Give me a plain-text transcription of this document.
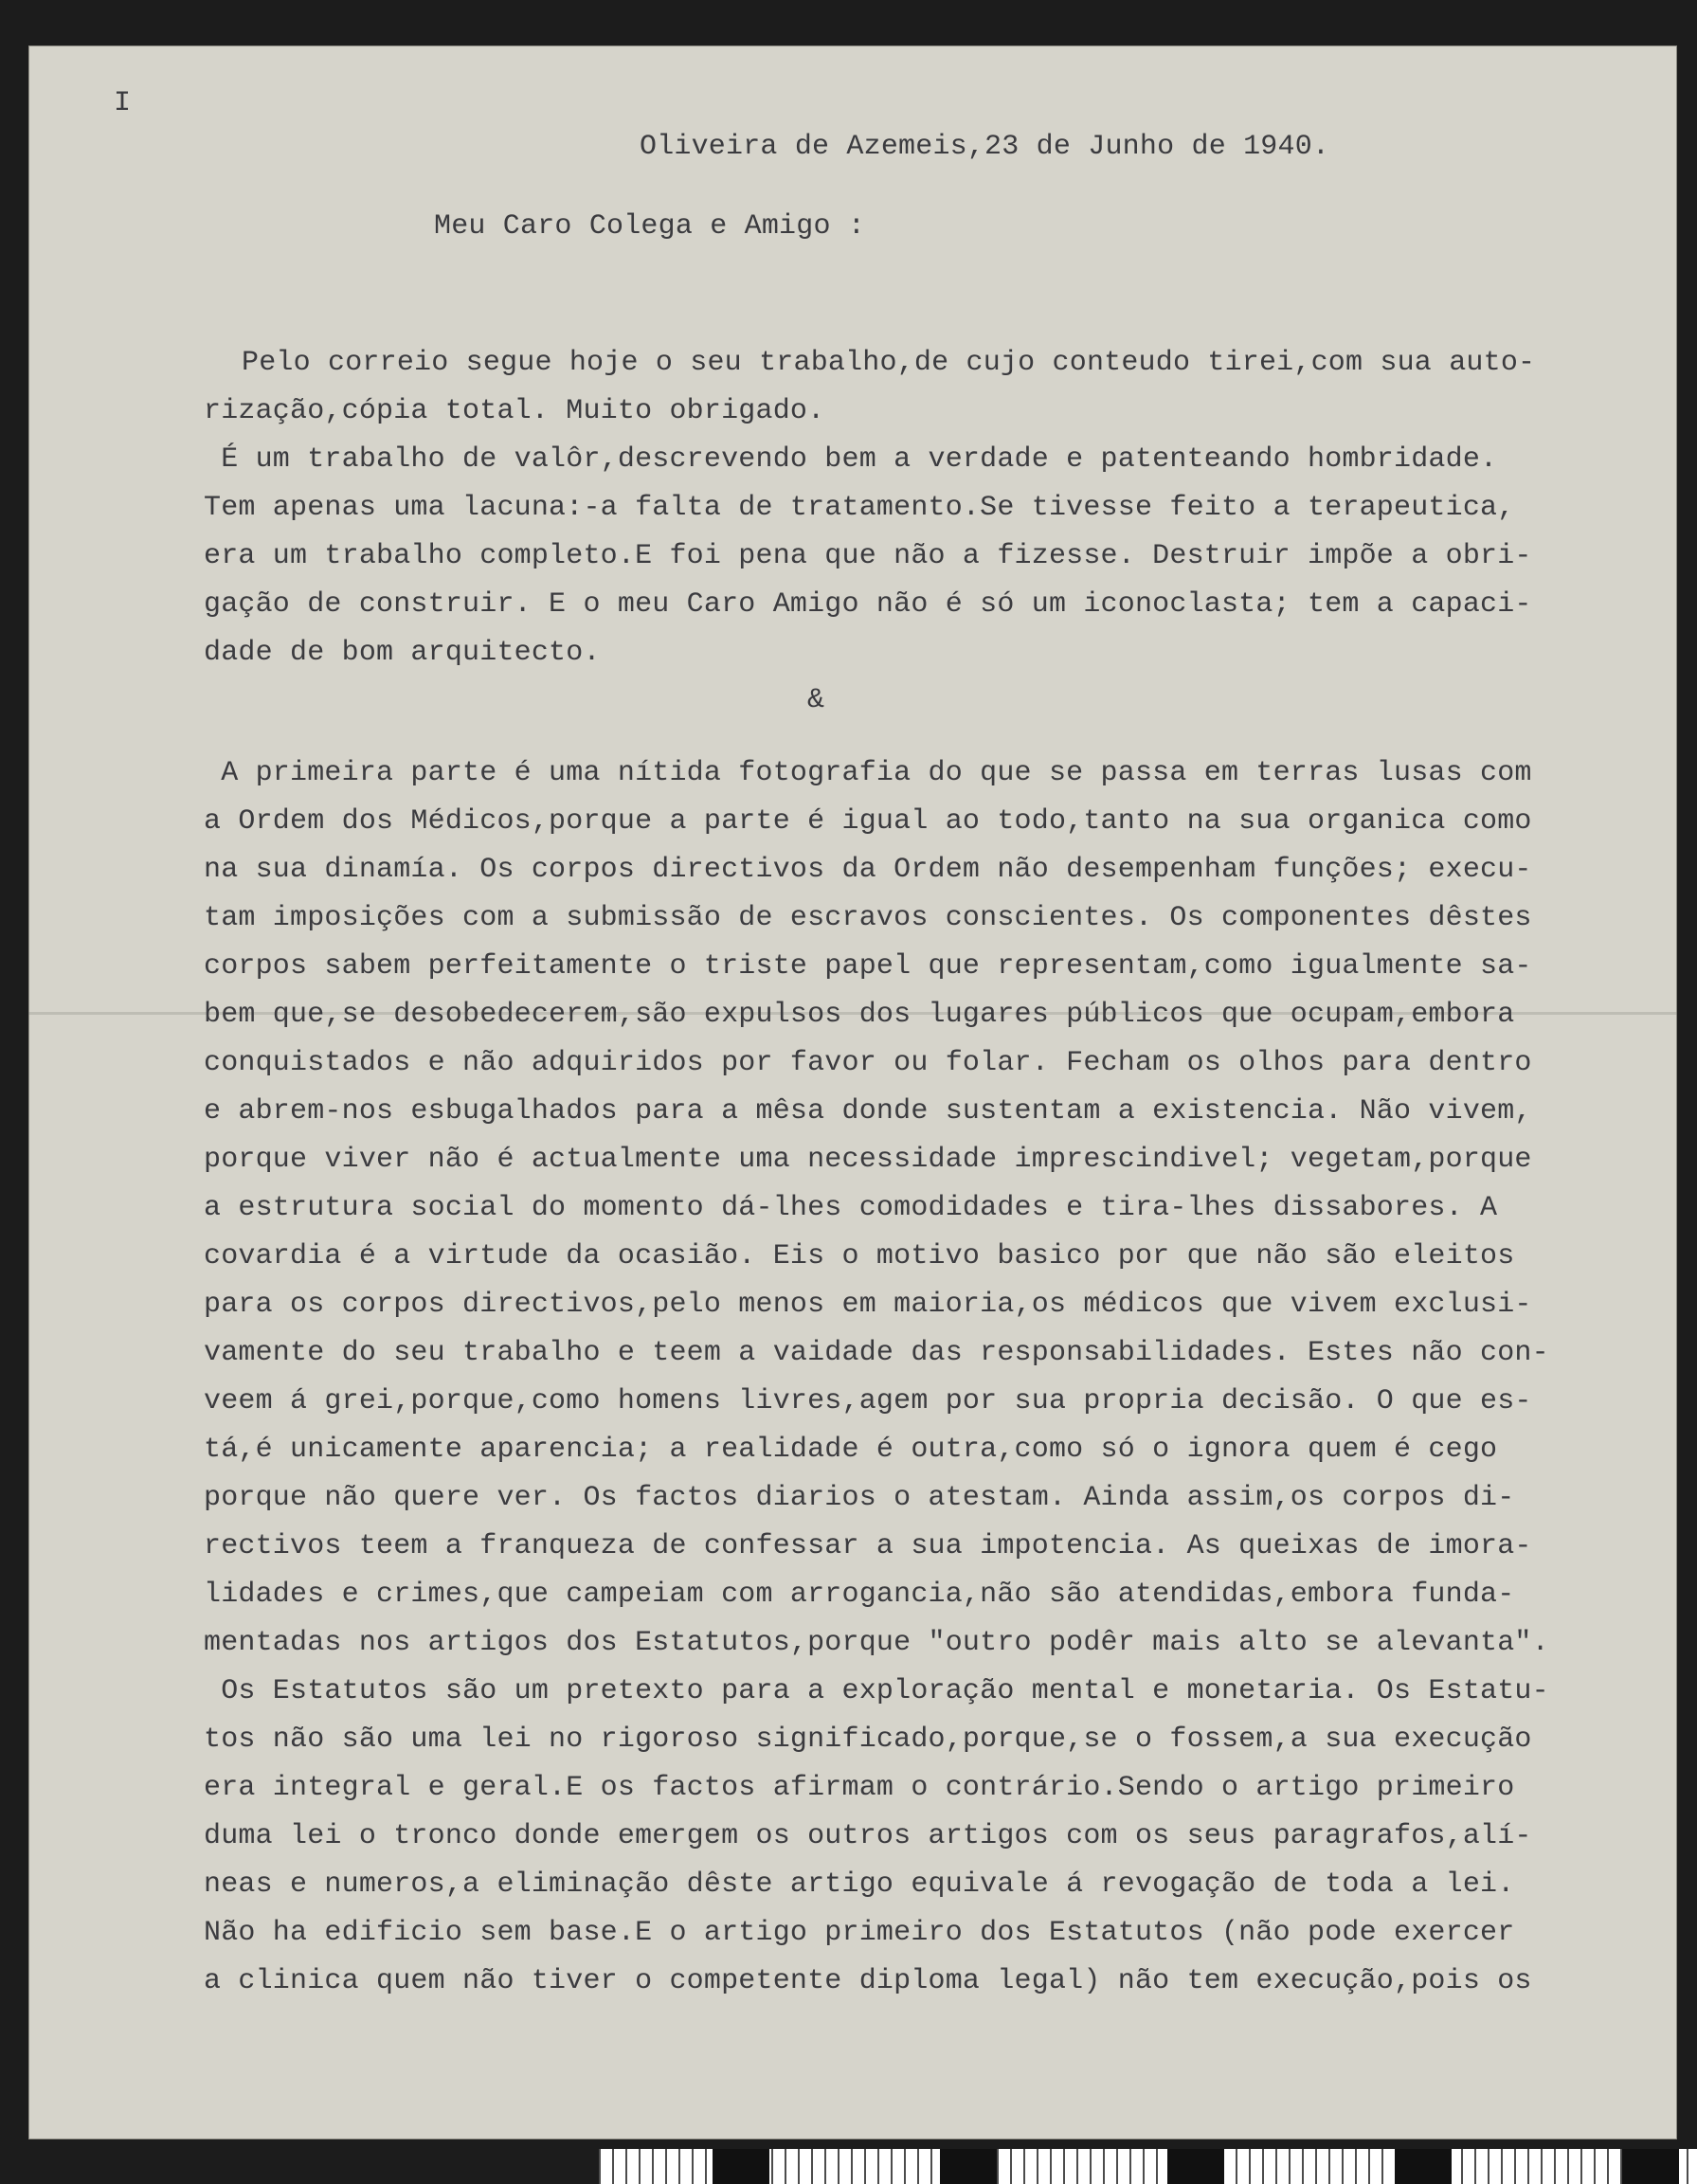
I
Oliveira de Azemeis,23 de Junho de 1940.
Meu Caro Colega e Amigo :
Pelo correio segue hoje o seu trabalho,de cujo conteudo tirei,com sua auto-
rização,cópia total. Muito obrigado.
É um trabalho de valôr,descrevendo bem a verdade e patenteando hombridade.
Tem apenas uma lacuna:-a falta de tratamento.Se tivesse feito a terapeutica,
era um trabalho completo.E foi pena que não a fizesse. Destruir impõe a obri-
gação de construir. E o meu Caro Amigo não é só um iconoclasta; tem a capaci-
dade de bom arquitecto.
&
A primeira parte é uma nítida fotografia do que se passa em terras lusas com
a Ordem dos Médicos,porque a parte é igual ao todo,tanto na sua organica como
na sua dinamía. Os corpos directivos da Ordem não desempenham funções; execu-
tam imposições com a submissão de escravos conscientes. Os componentes dêstes
corpos sabem perfeitamente o triste papel que representam,como igualmente sa-
bem que,se desobedecerem,são expulsos dos lugares públicos que ocupam,embora
conquistados e não adquiridos por favor ou folar. Fecham os olhos para dentro
e abrem-nos esbugalhados para a mêsa donde sustentam a existencia. Não vivem,
porque viver não é actualmente uma necessidade imprescindivel; vegetam,porque
a estrutura social do momento dá-lhes comodidades e tira-lhes dissabores. A
covardia é a virtude da ocasião. Eis o motivo basico por que não são eleitos
para os corpos directivos,pelo menos em maioria,os médicos que vivem exclusi-
vamente do seu trabalho e teem a vaidade das responsabilidades. Estes não con-
veem á grei,porque,como homens livres,agem por sua propria decisão. O que es-
tá,é unicamente aparencia; a realidade é outra,como só o ignora quem é cego
porque não quere ver. Os factos diarios o atestam. Ainda assim,os corpos di-
rectivos teem a franqueza de confessar a sua impotencia. As queixas de imora-
lidades e crimes,que campeiam com arrogancia,não são atendidas,embora funda-
mentadas nos artigos dos Estatutos,porque "outro podêr mais alto se alevanta".
Os Estatutos são um pretexto para a exploração mental e monetaria. Os Estatu-
tos não são uma lei no rigoroso significado,porque,se o fossem,a sua execução
era integral e geral.E os factos afirmam o contrário.Sendo o artigo primeiro
duma lei o tronco donde emergem os outros artigos com os seus paragrafos,alí-
neas e numeros,a eliminação dêste artigo equivale á revogação de toda a lei.
Não ha edificio sem base.E o artigo primeiro dos Estatutos (não pode exercer
a clinica quem não tiver o competente diploma legal) não tem execução,pois os
